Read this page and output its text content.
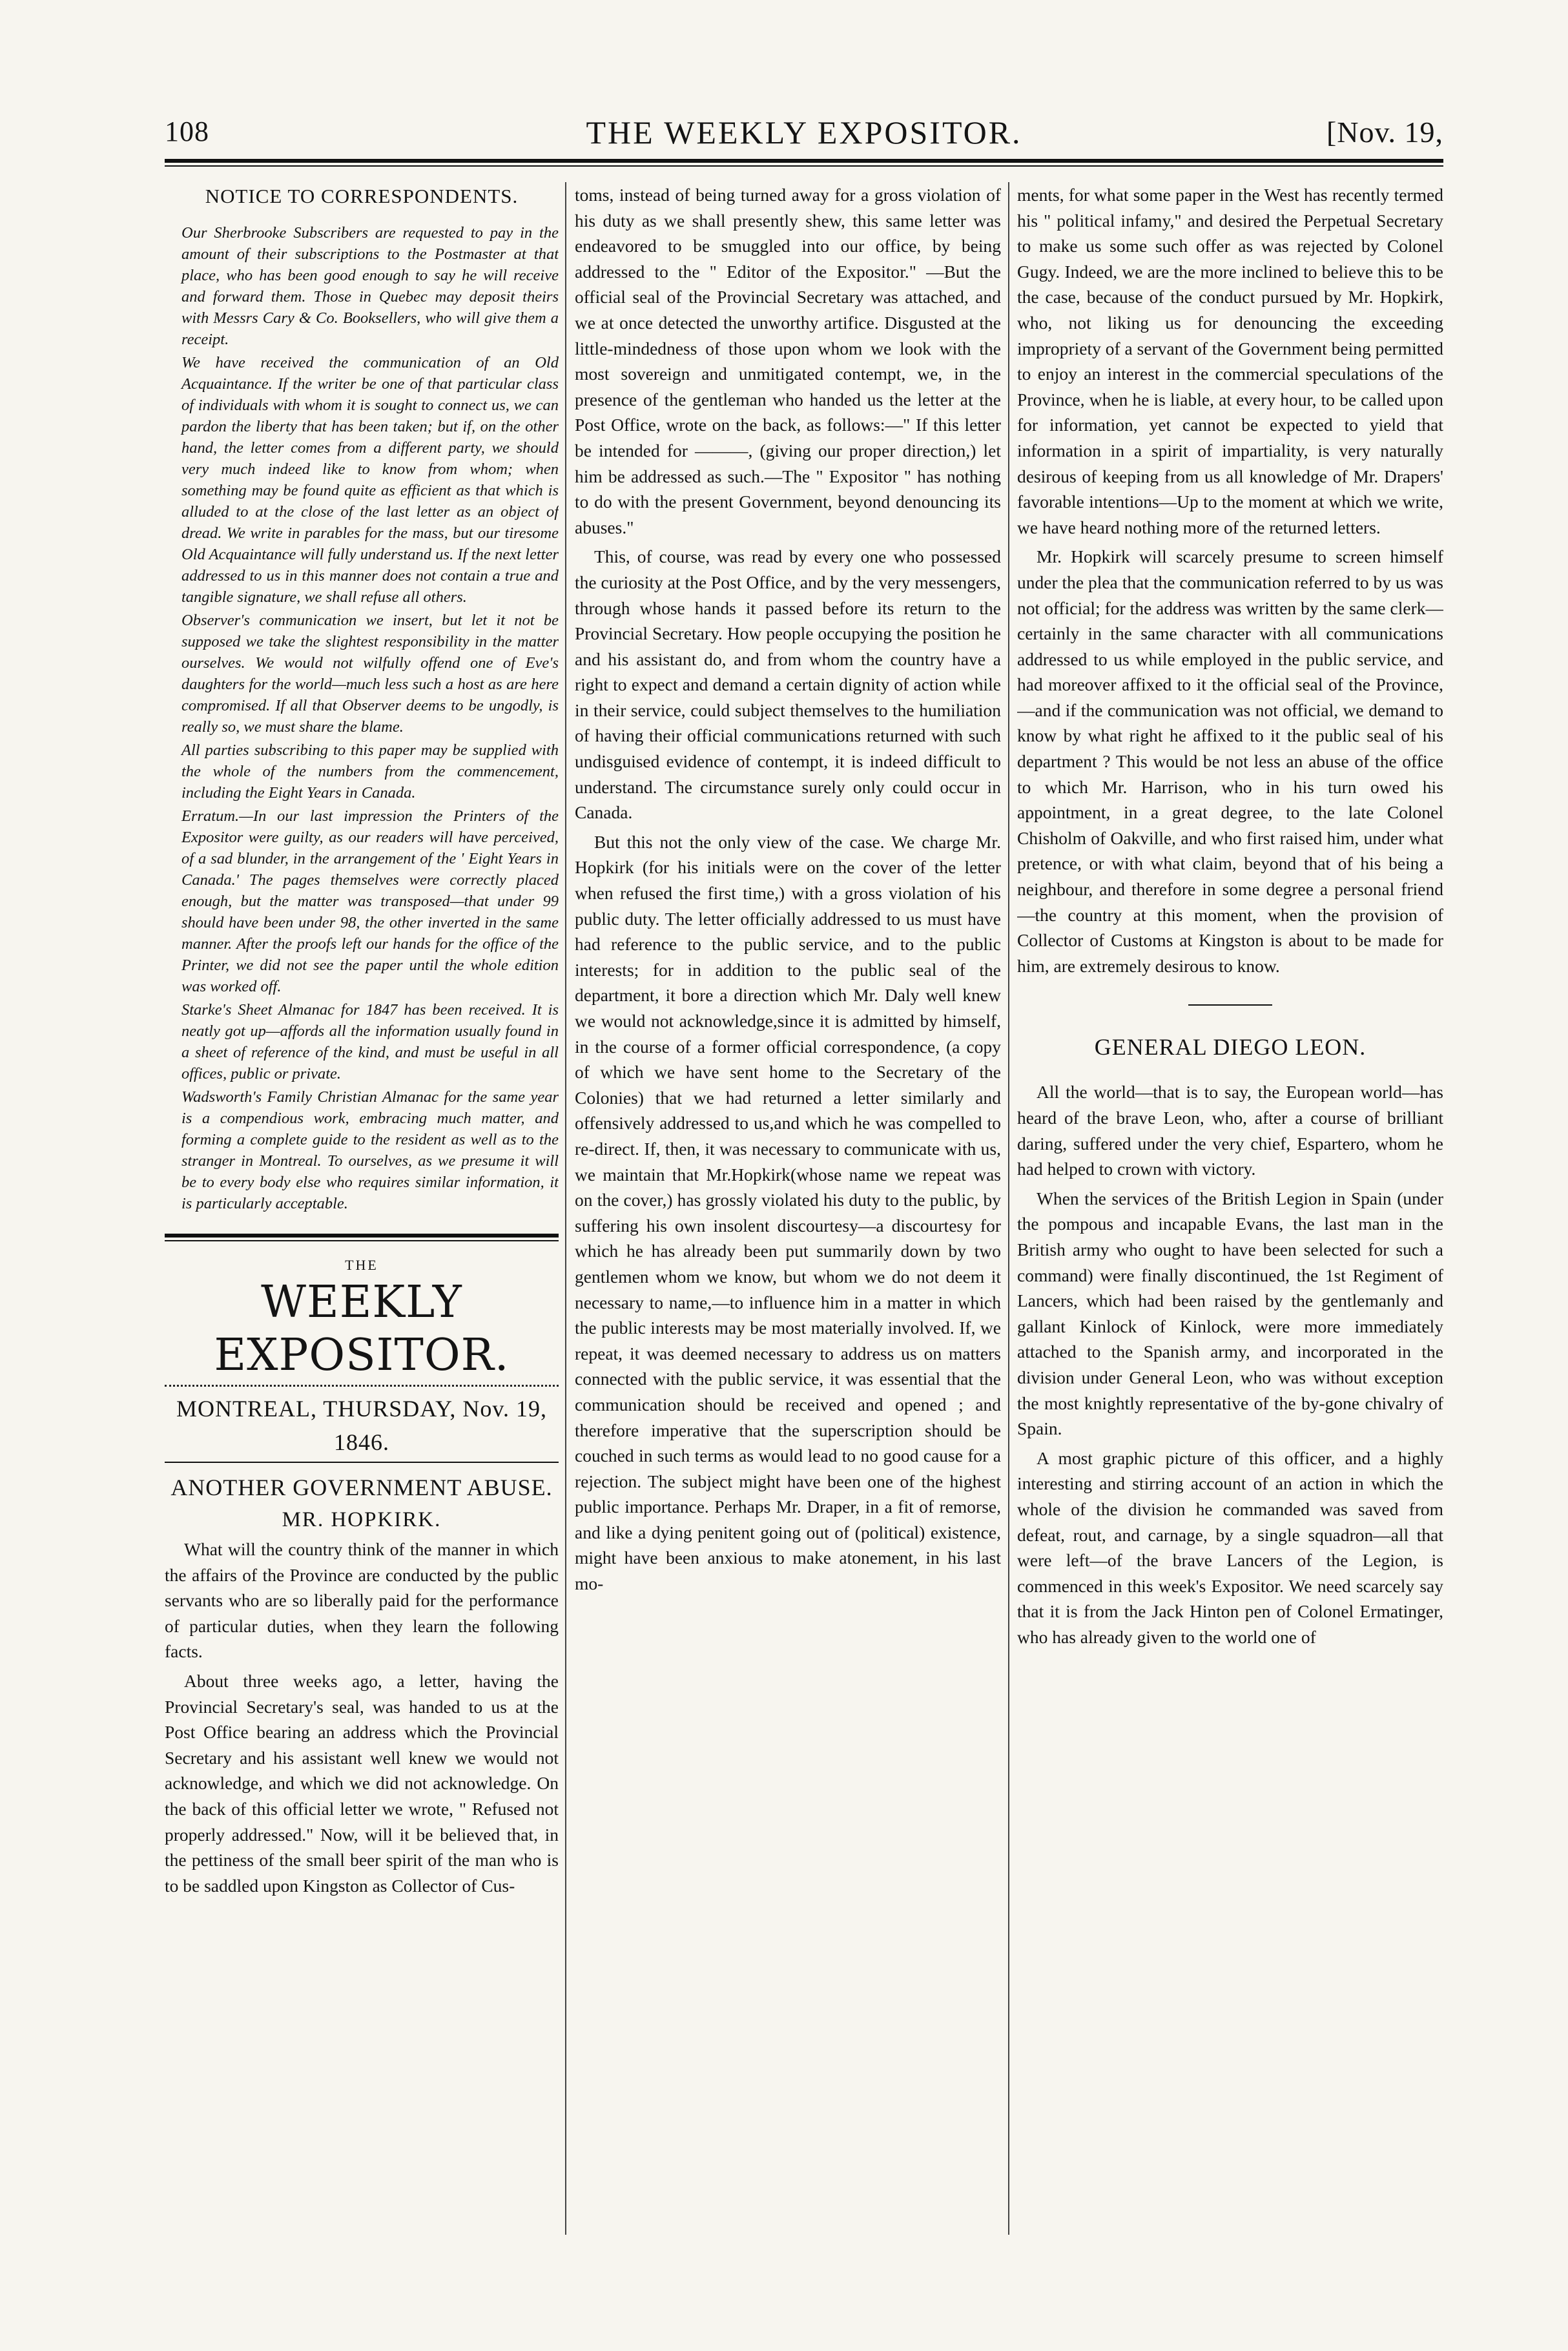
108	THE WEEKLY EXPOSITOR.	[Nov. 19,
NOTICE TO CORRESPONDENTS.

Our Sherbrooke Subscribers are requested to pay in the amount of their subscriptions to the Postmaster at that place, who has been good enough to say he will receive and forward them. Those in Quebec may deposit theirs with Messrs Cary & Co. Booksellers, who will give them a receipt.

We have received the communication of an Old Acquaintance. If the writer be one of that particular class of individuals with whom it is sought to connect us, we can pardon the liberty that has been taken; but if, on the other hand, the letter comes from a different party, we should very much indeed like to know from whom; when something may be found quite as efficient as that which is alluded to at the close of the last letter as an object of dread. We write in parables for the mass, but our tiresome Old Acquaintance will fully understand us. If the next letter addressed to us in this manner does not contain a true and tangible signature, we shall refuse all others.

Observer's communication we insert, but let it not be supposed we take the slightest responsibility in the matter ourselves. We would not wilfully offend one of Eve's daughters for the world—much less such a host as are here compromised. If all that Observer deems to be ungodly, is really so, we must share the blame.

All parties subscribing to this paper may be supplied with the whole of the numbers from the commencement, including the Eight Years in Canada.

Erratum.—In our last impression the Printers of the Expositor were guilty, as our readers will have perceived, of a sad blunder, in the arrangement of the ' Eight Years in Canada.' The pages themselves were correctly placed enough, but the matter was transposed—that under 99 should have been under 98, the other inverted in the same manner. After the proofs left our hands for the office of the Printer, we did not see the paper until the whole edition was worked off.

Starke's Sheet Almanac for 1847 has been received. It is neatly got up—affords all the information usually found in a sheet of reference of the kind, and must be useful in all offices, public or private.

Wadsworth's Family Christian Almanac for the same year is a compendious work, embracing much matter, and forming a complete guide to the resident as well as to the stranger in Montreal. To ourselves, as we presume it will be to every body else who requires similar information, it is particularly acceptable.

THE
WEEKLY EXPOSITOR.
MONTREAL, THURSDAY, Nov. 19, 1846.
ANOTHER GOVERNMENT ABUSE.
MR. HOPKIRK.

What will the country think of the manner in which the affairs of the Province are conducted by the public servants who are so liberally paid for the performance of particular duties, when they learn the following facts.

About three weeks ago, a letter, having the Provincial Secretary's seal, was handed to us at the Post Office bearing an address which the Provincial Secretary and his assistant well knew we would not acknowledge, and which we did not acknowledge. On the back of this official letter we wrote, " Refused not properly addressed." Now, will it be believed that, in the pettiness of the small beer spirit of the man who is to be saddled upon Kingston as Collector of Cus-

toms, instead of being turned away for a gross violation of his duty as we shall presently shew, this same letter was endeavored to be smuggled into our office, by being addressed to the " Editor of the Expositor." —But the official seal of the Provincial Secretary was attached, and we at once detected the unworthy artifice. Disgusted at the little-mindedness of those upon whom we look with the most sovereign and unmitigated contempt, we, in the presence of the gentleman who handed us the letter at the Post Office, wrote on the back, as follows:—" If this letter be intended for ———, (giving our proper direction,) let him be addressed as such.—The " Expositor " has nothing to do with the present Government, beyond denouncing its abuses."

This, of course, was read by every one who possessed the curiosity at the Post Office, and by the very messengers, through whose hands it passed before its return to the Provincial Secretary. How people occupying the position he and his assistant do, and from whom the country have a right to expect and demand a certain dignity of action while in their service, could subject themselves to the humiliation of having their official communications returned with such undisguised evidence of contempt, it is indeed difficult to understand. The circumstance surely only could occur in Canada.

But this not the only view of the case. We charge Mr. Hopkirk (for his initials were on the cover of the letter when refused the first time,) with a gross violation of his public duty. The letter officially addressed to us must have had reference to the public service, and to the public interests; for in addition to the public seal of the department, it bore a direction which Mr. Daly well knew we would not acknowledge,since it is admitted by himself, in the course of a former official correspondence, (a copy of which we have sent home to the Secretary of the Colonies) that we had returned a letter similarly and offensively addressed to us,and which he was compelled to re-direct. If, then, it was necessary to communicate with us, we maintain that Mr.Hopkirk(whose name we repeat was on the cover,) has grossly violated his duty to the public, by suffering his own insolent discourtesy—a discourtesy for which he has already been put summarily down by two gentlemen whom we know, but whom we do not deem it necessary to name,—to influence him in a matter in which the public interests may be most materially involved. If, we repeat, it was deemed necessary to address us on matters connected with the public service, it was essential that the communication should be received and opened ; and therefore imperative that the superscription should be couched in such terms as would lead to no good cause for a rejection. The subject might have been one of the highest public importance. Perhaps Mr. Draper, in a fit of remorse, and like a dying penitent going out of (political) existence, might have been anxious to make atonement, in his last mo-

ments, for what some paper in the West has recently termed his " political infamy," and desired the Perpetual Secretary to make us some such offer as was rejected by Colonel Gugy. Indeed, we are the more inclined to believe this to be the case, because of the conduct pursued by Mr. Hopkirk, who, not liking us for denouncing the exceeding impropriety of a servant of the Government being permitted to enjoy an interest in the commercial speculations of the Province, when he is liable, at every hour, to be called upon for information, yet cannot be expected to yield that information in a spirit of impartiality, is very naturally desirous of keeping from us all knowledge of Mr. Drapers' favorable intentions—Up to the moment at which we write, we have heard nothing more of the returned letters.

Mr. Hopkirk will scarcely presume to screen himself under the plea that the communication referred to by us was not official; for the address was written by the same clerk—certainly in the same character with all communications addressed to us while employed in the public service, and had moreover affixed to it the official seal of the Province,—and if the communication was not official, we demand to know by what right he affixed to it the public seal of his department ? This would be not less an abuse of the office to which Mr. Harrison, who in his turn owed his appointment, in a great degree, to the late Colonel Chisholm of Oakville, and who first raised him, under what pretence, or with what claim, beyond that of his being a neighbour, and therefore in some degree a personal friend—the country at this moment, when the provision of Collector of Customs at Kingston is about to be made for him, are extremely desirous to know.

GENERAL DIEGO LEON.

All the world—that is to say, the European world—has heard of the brave Leon, who, after a course of brilliant daring, suffered under the very chief, Espartero, whom he had helped to crown with victory.

When the services of the British Legion in Spain (under the pompous and incapable Evans, the last man in the British army who ought to have been selected for such a command) were finally discontinued, the 1st Regiment of Lancers, which had been raised by the gentlemanly and gallant Kinlock of Kinlock, were more immediately attached to the Spanish army, and incorporated in the division under General Leon, who was without exception the most knightly representative of the by-gone chivalry of Spain.

A most graphic picture of this officer, and a highly interesting and stirring account of an action in which the whole of the division he commanded was saved from defeat, rout, and carnage, by a single squadron—all that were left—of the brave Lancers of the Legion, is commenced in this week's Expositor. We need scarcely say that it is from the Jack Hinton pen of Colonel Ermatinger, who has already given to the world one of
